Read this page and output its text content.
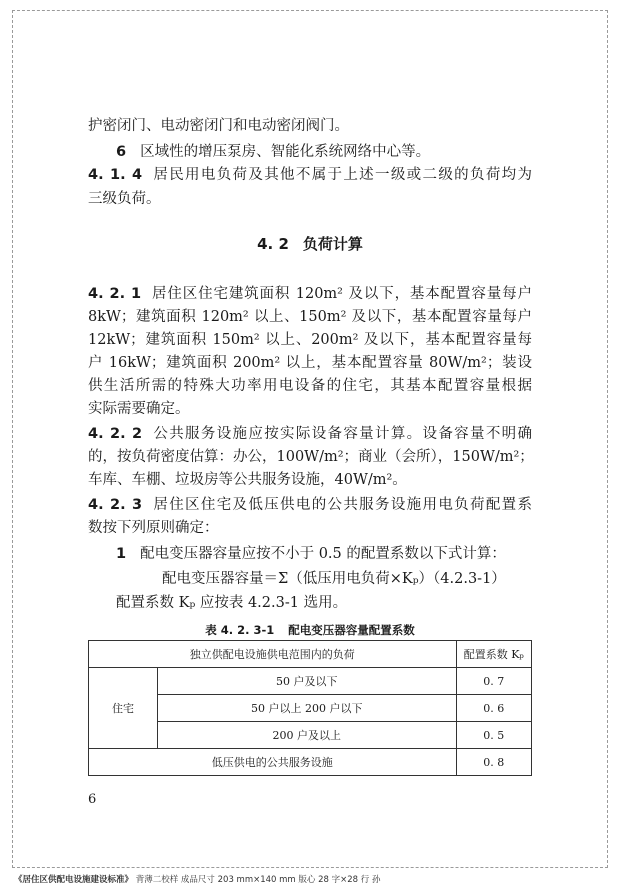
护密闭门、电动密闭门和电动密闭阀门。
6 区域性的增压泵房、智能化系统网络中心等。
4. 1. 4 居民用电负荷及其他不属于上述一级或二级的负荷均为
三级负荷。
4. 2 负荷计算
4. 2. 1 居住区住宅建筑面积 120m² 及以下，基本配置容量每户
8kW；建筑面积 120m² 以上、150m² 及以下，基本配置容量每户
12kW；建筑面积 150m² 以上、200m² 及以下，基本配置容量每
户 16kW；建筑面积 200m² 以上，基本配置容量 80W/m²；装设
供生活所需的特殊大功率用电设备的住宅，其基本配置容量根据
实际需要确定。
4. 2. 2 公共服务设施应按实际设备容量计算。设备容量不明确
的，按负荷密度估算：办公，100W/m²；商业（会所），150W/m²；
车库、车棚、垃圾房等公共服务设施，40W/m²。
4. 2. 3 居住区住宅及低压供电的公共服务设施用电负荷配置系
数按下列原则确定：
1 配电变压器容量应按不小于 0.5 的配置系数以下式计算：
配电变压器容量＝Σ（低压用电负荷×Kₚ）（4.2.3-1）
配置系数 Kₚ 应按表 4.2.3-1 选用。
表 4. 2. 3-1 配电变压器容量配置系数
独立供配电设施供电范围内的负荷		配置系数 Kₚ
住宅	50 户及以下	0. 7
	50 户以上 200 户以下	0. 6
	200 户及以上	0. 5
低压供电的公共服务设施		0. 8
6
《居住区供配电设施建设标准》 背薄二校样 成品尺寸 203 mm×140 mm 版心 28 字×28 行 孙
